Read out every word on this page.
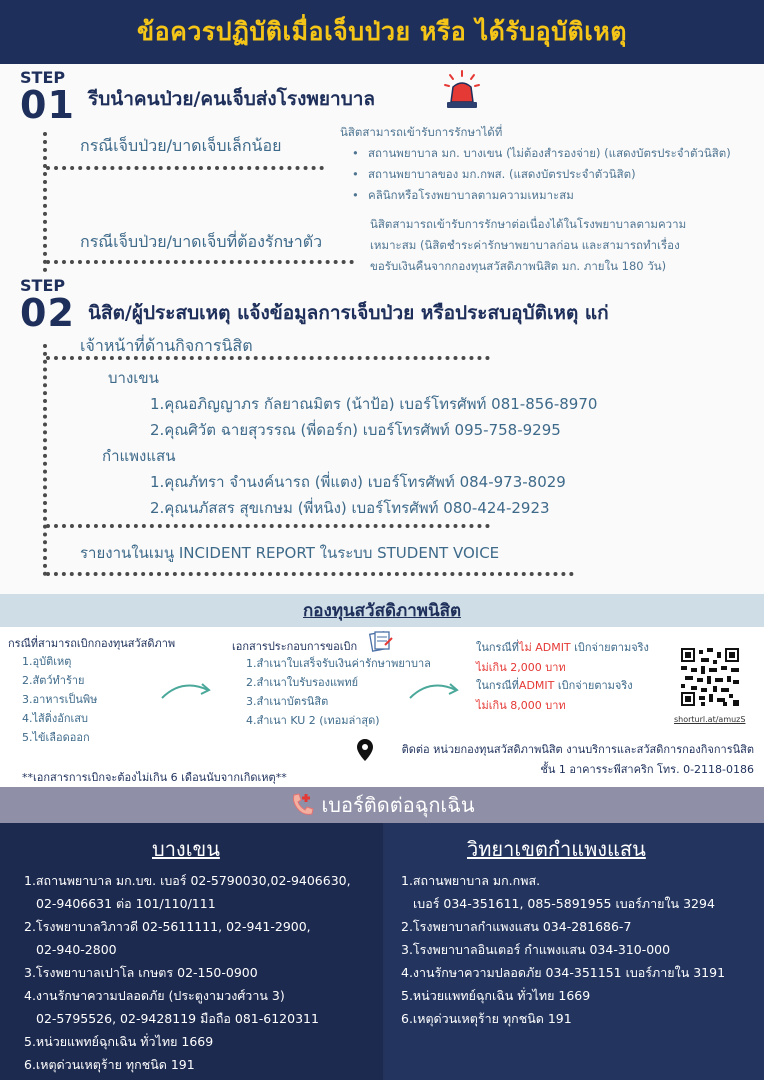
ข้อควรปฏิบัติเมื่อเจ็บป่วย หรือ ได้รับอุบัติเหตุ
STEP
01 รีบนำคนป่วย/คนเจ็บส่งโรงพยาบาล
กรณีเจ็บป่วย/บาดเจ็บเล็กน้อย
นิสิตสามารถเข้ารับการรักษาได้ที่
• สถานพยาบาล มก. บางเขน (ไม่ต้องสำรองจ่าย) (แสดงบัตรประจำตัวนิสิต)
• สถานพยาบาลของ มก.กพส. (แสดงบัตรประจำตัวนิสิต)
• คลินิกหรือโรงพยาบาลตามความเหมาะสม
กรณีเจ็บป่วย/บาดเจ็บที่ต้องรักษาตัว
นิสิตสามารถเข้ารับการรักษาต่อเนื่องได้ในโรงพยาบาลตามความ
เหมาะสม (นิสิตชำระค่ารักษาพยาบาลก่อน และสามารถทำเรื่อง
ขอรับเงินคืนจากกองทุนสวัสดิภาพนิสิต มก. ภายใน 180 วัน)
STEP
02 นิสิต/ผู้ประสบเหตุ แจ้งข้อมูลการเจ็บป่วย หรือประสบอุบัติเหตุ แก่
เจ้าหน้าที่ด้านกิจการนิสิต
บางเขน
1.คุณอภิญญาภร กัลยาณมิตร (น้าป้อ) เบอร์โทรศัพท์ 081-856-8970
2.คุณศิวัต ฉายสุวรรณ (พี่ดอร์ก) เบอร์โทรศัพท์ 095-758-9295
กำแพงแสน
1.คุณภัทรา จำนงค์นารถ (พี่แตง) เบอร์โทรศัพท์ 084-973-8029
2.คุณนภัสสร สุขเกษม (พี่หนิง) เบอร์โทรศัพท์ 080-424-2923
รายงานในเมนู INCIDENT REPORT ในระบบ STUDENT VOICE
กองทุนสวัสดิภาพนิสิต
กรณีที่สามารถเบิกกองทุนสวัสดิภาพ
1.อุบัติเหตุ
2.สัตว์ทำร้าย
3.อาหารเป็นพิษ
4.ไส้ติ่งอักเสบ
5.ไข้เลือดออก
เอกสารประกอบการขอเบิก
1.สำเนาใบเสร็จรับเงินค่ารักษาพยาบาล
2.สำเนาใบรับรองแพทย์
3.สำเนาบัตรนิสิต
4.สำเนา KU 2 (เทอมล่าสุด)
ในกรณีที่ไม่ ADMIT เบิกจ่ายตามจริง
ไม่เกิน 2,000 บาท
ในกรณีที่ADMIT เบิกจ่ายตามจริง
ไม่เกิน 8,000 บาท
shorturl.at/amuzS
ติดต่อ หน่วยกองทุนสวัสดิภาพนิสิต งานบริการและสวัสดิการกองกิจการนิสิต
ชั้น 1 อาคารระพีสาคริก โทร. 0-2118-0186
**เอกสารการเบิกจะต้องไม่เกิน 6 เดือนนับจากเกิดเหตุ**
เบอร์ติดต่อฉุกเฉิน
บางเขน
1.สถานพยาบาล มก.บข. เบอร์ 02-5790030,02-9406630,
02-9406631 ต่อ 101/110/111
2.โรงพยาบาลวิภาวดี 02-5611111, 02-941-2900,
02-940-2800
3.โรงพยาบาลเปาโล เกษตร 02-150-0900
4.งานรักษาความปลอดภัย (ประตูงามวงศ์วาน 3)
02-5795526, 02-9428119 มือถือ 081-6120311
5.หน่วยแพทย์ฉุกเฉิน ทั่วไทย 1669
6.เหตุด่วนเหตุร้าย ทุกชนิด 191
วิทยาเขตกำแพงแสน
1.สถานพยาบาล มก.กพส.
เบอร์ 034-351611, 085-5891955 เบอร์ภายใน 3294
2.โรงพยาบาลกำแพงแสน 034-281686-7
3.โรงพยาบาลอินเตอร์ กำแพงแสน 034-310-000
4.งานรักษาความปลอดภัย 034-351151 เบอร์ภายใน 3191
5.หน่วยแพทย์ฉุกเฉิน ทั่วไทย 1669
6.เหตุด่วนเหตุร้าย ทุกชนิด 191
